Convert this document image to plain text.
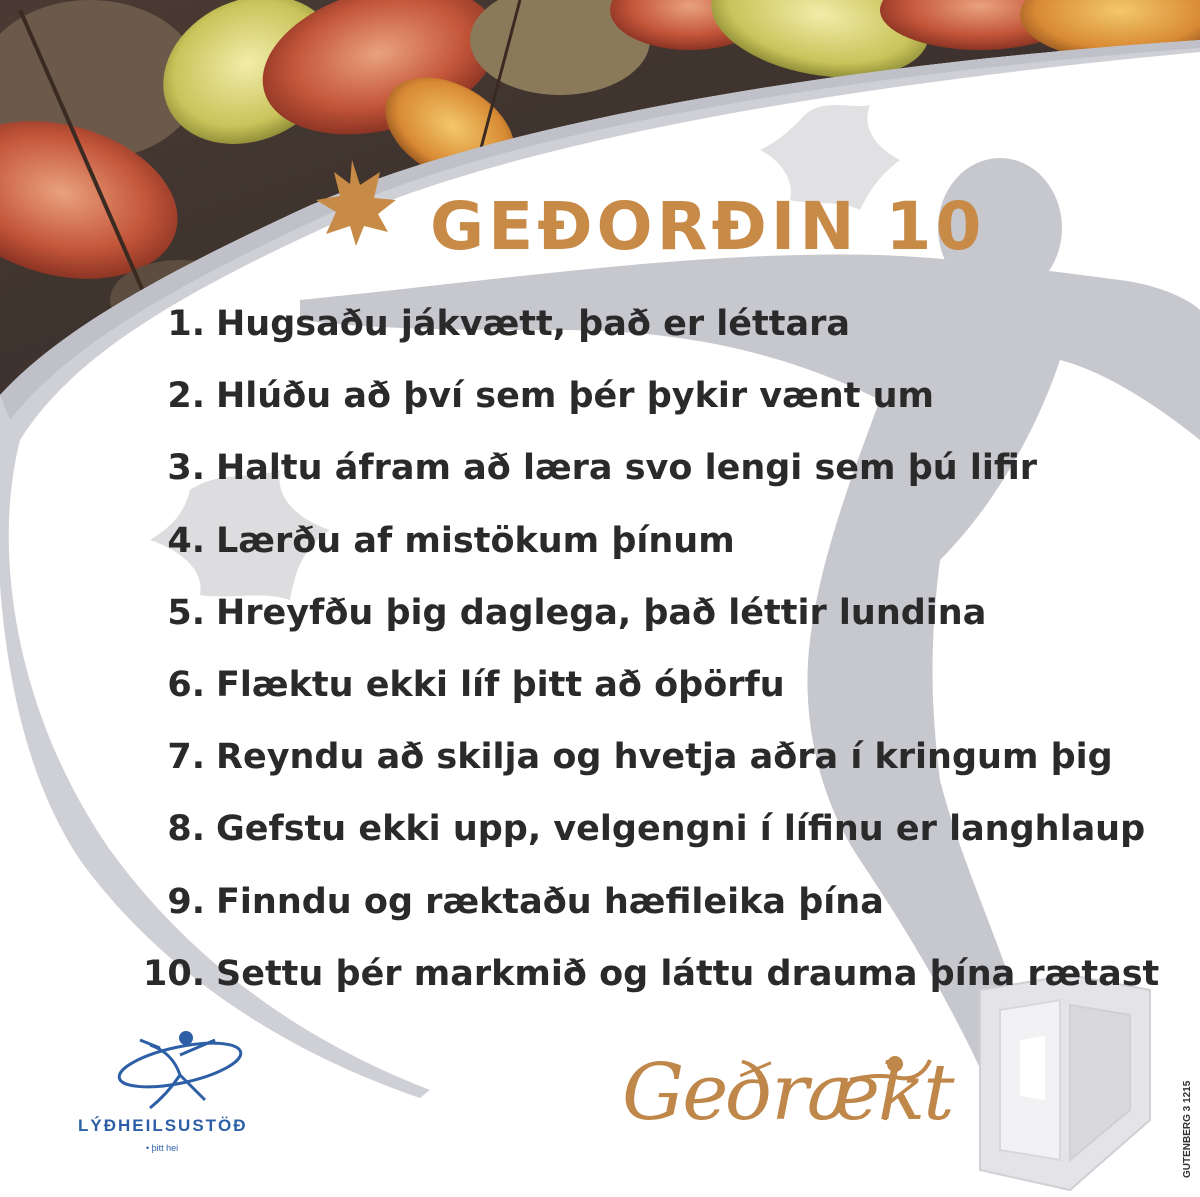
GEÐORÐIN 10
1. Hugsaðu jákvætt, það er léttara
2. Hlúðu að því sem þér þykir vænt um
3. Haltu áfram að læra svo lengi sem þú lifir
4. Lærðu af mistökum þínum
5. Hreyfðu þig daglega, það léttir lundina
6. Flæktu ekki líf þitt að óþörfu
7. Reyndu að skilja og hvetja aðra í kringum þig
8. Gefstu ekki upp, velgengni í lífinu er langhlaup
9. Finndu og ræktaðu hæfileika þína
10. Settu þér markmið og láttu drauma þína rætast
Geðrækt
LÝÐHEILSUSTÖÐ
• þitt hei	GUTENBERG 3 1215
